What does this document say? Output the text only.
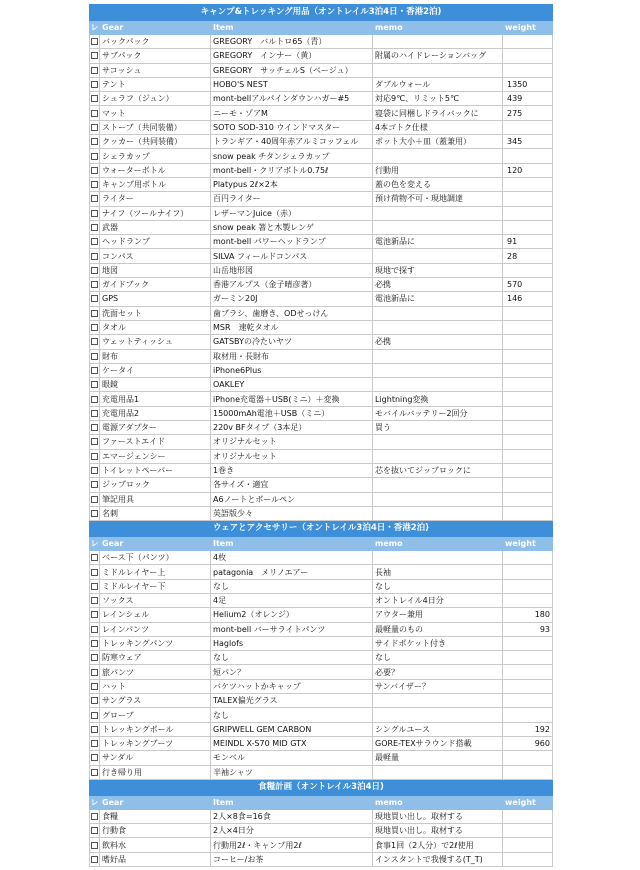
キャンプ&トレッキング用品（オントレイル3泊4日・香港2泊)				
レ	Gear	Item	memo	weight
	バックパック	GREGORY　バルトロ65（青）		
	サブパック	GREGORY　インナー（黄）	附属のハイドレーションバッグ	
	サコッシュ	GREGORY　サッチェルS（ベージュ）		
	テント	HOBO'S NEST	ダブルウォール	1350
	シュラフ（ジュン）	mont-bellアルパインダウンハガー#5	対応9℃、リミット5℃	439
	マット	ニーモ・ゾアM	寝袋に同梱しドライバックに	275
	ストーブ（共同装備）	SOTO SOD-310 ウインドマスター	4本ゴトク仕様	
	クッカー（共同装備）	トランギア・40周年赤アルミコッフェル	ポット大小＋皿（蓋兼用）	345
	シェラカップ	snow peak チタンシェラカップ		
	ウォーターボトル	mont-bell・クリアボトル0.75ℓ	行動用	120
	キャンプ用ボトル	Platypus 2ℓ×2本	蓋の色を変える	
	ライター	百円ライター	預け荷物不可・現地調達	
	ナイフ（ツールナイフ）	レザーマンJuice（赤）		
	武器	snow peak 箸と木製レンゲ		
	ヘッドランプ	mont-bell パワーヘッドランプ	電池新品に	91
	コンパス	SILVA フィールドコンパス		28
	地図	山岳地形図	現地で探す	
	ガイドブック	香港アルプス（金子晴彦著）	必携	570
	GPS	ガーミン20J	電池新品に	146
	洗面セット	歯ブラシ、歯磨き、ODせっけん		
	タオル	MSR　速乾タオル		
	ウェットティッシュ	GATSBYの冷たいヤツ	必携	
	財布	取材用・長財布		
	ケータイ	iPhone6Plus		
	眼鏡	OAKLEY		
	充電用品1	iPhone充電器＋USB(ミニ）＋変換	Lightning変換	
	充電用品2	15000mAh電池＋USB（ミニ）	モバイルバッテリー2回分	
	電源アダプター	220v BFタイプ（3本足）	買う	
	ファーストエイド	オリジナルセット		
	エマージェンシー	オリジナルセット		
	トイレットペーパー	1巻き	芯を抜いてジップロックに	
	ジップロック	各サイズ・適宜		
	筆記用具	A6ノートとボールペン		
	名刺	英語版少々		
ウェアとアクセサリー（オントレイル3泊4日・香港2泊)				
レ	Gear	Item	memo	weight
	ベース下（パンツ）	4枚		
	ミドルレイヤー上	patagonia　メリノエアー	長袖	
	ミドルレイヤー下	なし	なし	
	ソックス	4足	オントレイル4日分	
	レインシェル	Helium2（オレンジ）	アウター兼用	180
	レインパンツ	mont-bell バーサライトパンツ	最軽量のもの	93
	トレッキングパンツ	Haglofs	サイドポケット付き	
	防寒ウェア	なし	なし	
	旅パンツ	短パン？	必要？	
	ハット	バケツハットかキャップ	サンバイザー？	
	サングラス	TALEX偏光グラス		
	グローブ	なし		
	トレッキングポール	GRIPWELL GEM CARBON	シングルユース	192
	トレッキングブーツ	MEINDL X-S70 MID GTX	GORE-TEXサラウンド搭載	960
	サンダル	モンベル	最軽量	
	行き帰り用	半袖シャツ		
食糧計画（オントレイル3泊4日)				
レ	Gear	Item	memo	weight
	食糧	2人×8食=16食	現地買い出し。取材する	
	行動食	2人×4日分	現地買い出し。取材する	
	飲料水	行動用2ℓ・キャンプ用2ℓ	食事1回（2人分）で2ℓ使用	
	嗜好品	コーヒー/お茶	インスタントで我慢する(T_T)	
